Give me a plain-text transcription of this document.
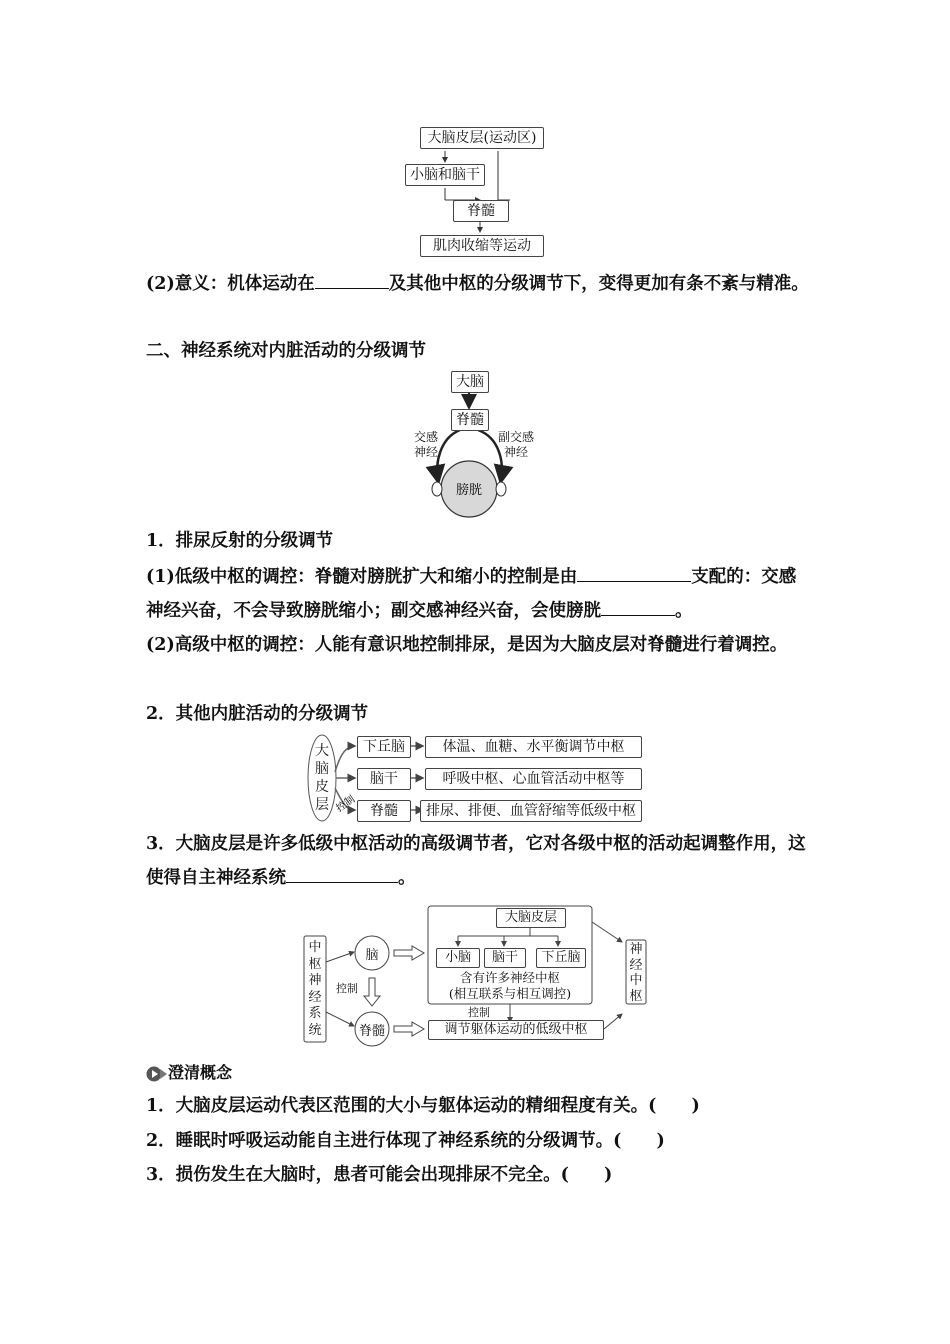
大脑皮层(运动区)
小脑和脑干
脊髓
肌肉收缩等运动
(2)意义：机体运动在	及其他中枢的分级调节下，变得更加有条不紊与精准。
二、神经系统对内脏活动的分级调节
膀胱
大脑
脊髓
交感神经
副交感神经
1．排尿反射的分级调节
(1)低级中枢的调控：脊髓对膀胱扩大和缩小的控制是由	支配的：交感神经兴奋，不会导致膀胱缩小；副交感神经兴奋，会使膀胱	。
(2)高级中枢的调控：人能有意识地控制排尿，是因为大脑皮层对脊髓进行着调控。
2．其他内脏活动的分级调节
控制
大脑皮层
下丘脑
脑干
脊髓
体温、血糖、水平衡调节中枢
呼吸中枢、心血管活动中枢等
排尿、排便、血管舒缩等低级中枢
3．大脑皮层是许多低级中枢活动的高级调节者，它对各级中枢的活动起调整作用，这使得自主神经系统	。
中枢神经系统
脑
脊髓
控制
大脑皮层
小脑	脑干	下丘脑
含有许多神经中枢
(相互联系与相互调控)
控制
调节躯体运动的低级中枢
神经中枢
澄清概念
1．大脑皮层运动代表区范围的大小与躯体运动的精细程度有关。(　　)
2．睡眠时呼吸运动能自主进行体现了神经系统的分级调节。(　　)
3．损伤发生在大脑时，患者可能会出现排尿不完全。(　　)
